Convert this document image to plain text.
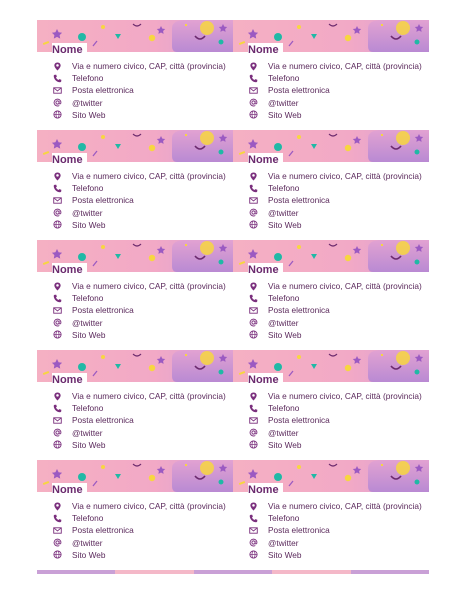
Nome
Via e numero civico, CAP, città (provincia)
Telefono
Posta elettronica
@twitter
Sito Web
Nome
Via e numero civico, CAP, città (provincia)
Telefono
Posta elettronica
@twitter
Sito Web
Nome
Via e numero civico, CAP, città (provincia)
Telefono
Posta elettronica
@twitter
Sito Web
Nome
Via e numero civico, CAP, città (provincia)
Telefono
Posta elettronica
@twitter
Sito Web
Nome
Via e numero civico, CAP, città (provincia)
Telefono
Posta elettronica
@twitter
Sito Web
Nome
Via e numero civico, CAP, città (provincia)
Telefono
Posta elettronica
@twitter
Sito Web
Nome
Via e numero civico, CAP, città (provincia)
Telefono
Posta elettronica
@twitter
Sito Web
Nome
Via e numero civico, CAP, città (provincia)
Telefono
Posta elettronica
@twitter
Sito Web
Nome
Via e numero civico, CAP, città (provincia)
Telefono
Posta elettronica
@twitter
Sito Web
Nome
Via e numero civico, CAP, città (provincia)
Telefono
Posta elettronica
@twitter
Sito Web
